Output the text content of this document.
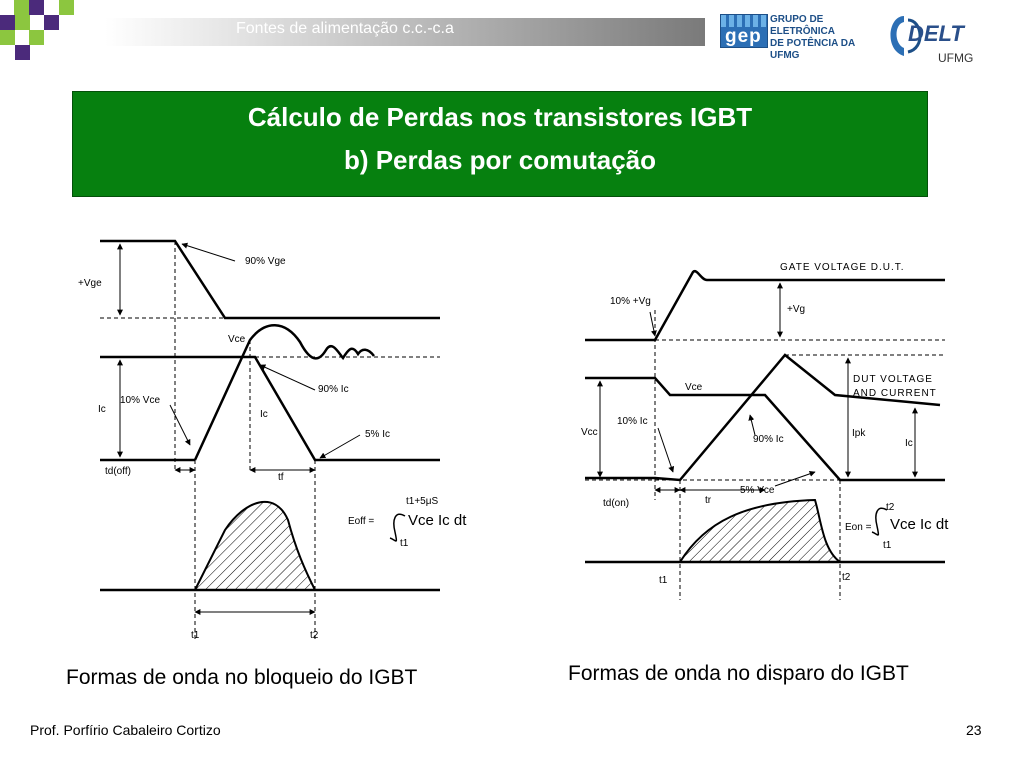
Fontes de alimentação c.c.-c.a	gep
GRUPO DE ELETRÔNICA
DE POTÊNCIA DA UFMG
DELT
UFMG
Cálculo de Perdas nos transistores IGBT
b) Perdas por comutação
90% Vge
+Vge
Vce
Ic
10% Vce
90% Ic
Ic
5% Ic
td(off)
tf
Eoff =
t1+5μS
t1
t1	t2
Vce Ic dt
GATE VOLTAGE D.U.T.
10% +Vg
+Vg
Vce
DUT VOLTAGE
AND CURRENT
Vcc
10% Ic
90% Ic
Ipk
Ic
td(on)	tr
5% Vce
Eon =
t2
t1
t1	t2
Vce Ic dt
Formas de onda no bloqueio do IGBT	Formas de onda no disparo do IGBT
Prof. Porfírio Cabaleiro Cortizo	23
